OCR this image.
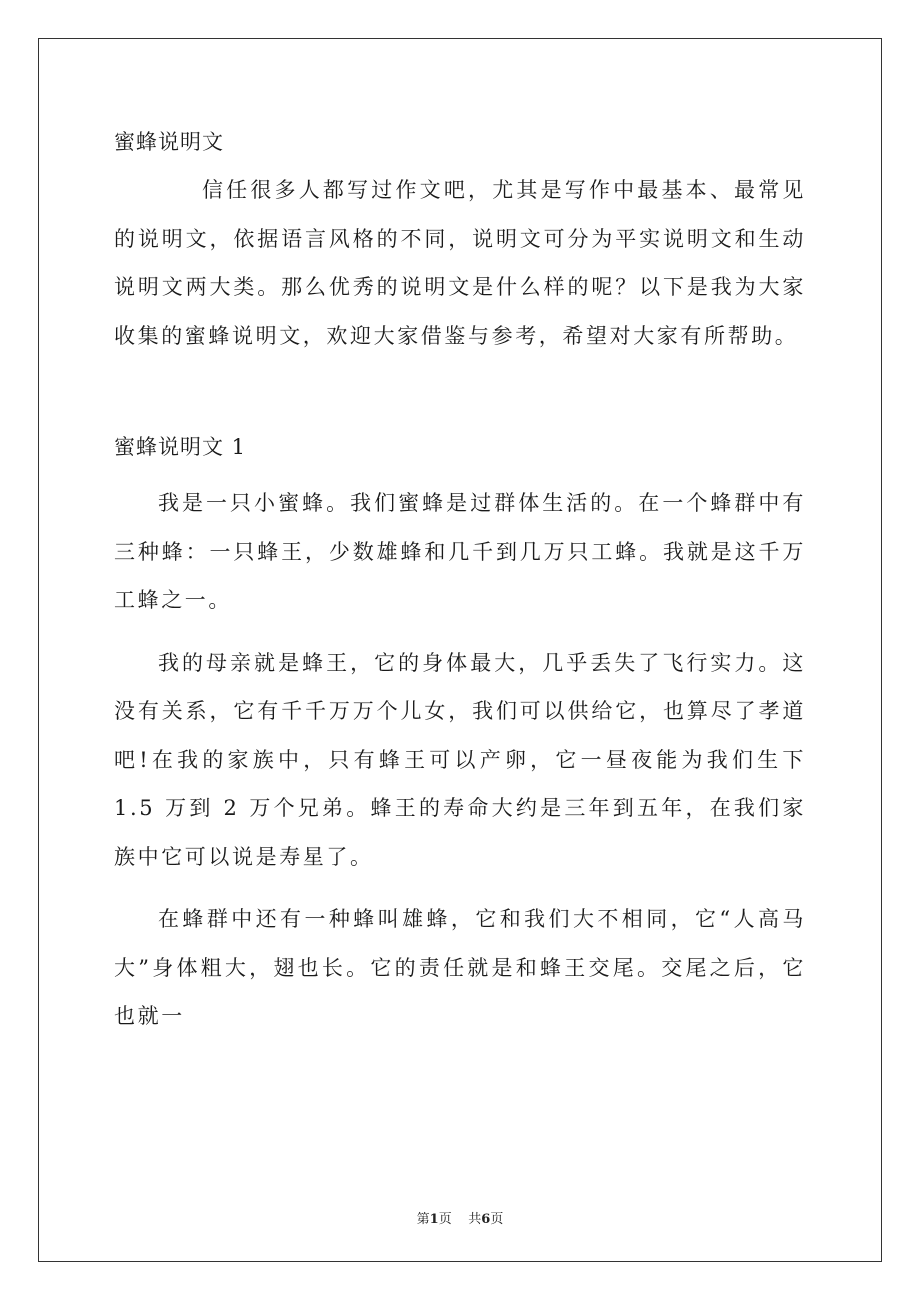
蜜蜂说明文

信任很多人都写过作文吧，尤其是写作中最基本、最常见的说明文，依据语言风格的不同，说明文可分为平实说明文和生动说明文两大类。那么优秀的说明文是什么样的呢？以下是我为大家收集的蜜蜂说明文，欢迎大家借鉴与参考，希望对大家有所帮助。

蜜蜂说明文 1

我是一只小蜜蜂。我们蜜蜂是过群体生活的。在一个蜂群中有三种蜂：一只蜂王，少数雄蜂和几千到几万只工蜂。我就是这千万工蜂之一。

我的母亲就是蜂王，它的身体最大，几乎丢失了飞行实力。这没有关系，它有千千万万个儿女，我们可以供给它，也算尽了孝道吧!在我的家族中，只有蜂王可以产卵，它一昼夜能为我们生下 1.5 万到 2 万个兄弟。蜂王的寿命大约是三年到五年，在我们家族中它可以说是寿星了。

在蜂群中还有一种蜂叫雄蜂，它和我们大不相同，它“人高马大”身体粗大，翅也长。它的责任就是和蜂王交尾。交尾之后，它也就一

第1页 共6页
